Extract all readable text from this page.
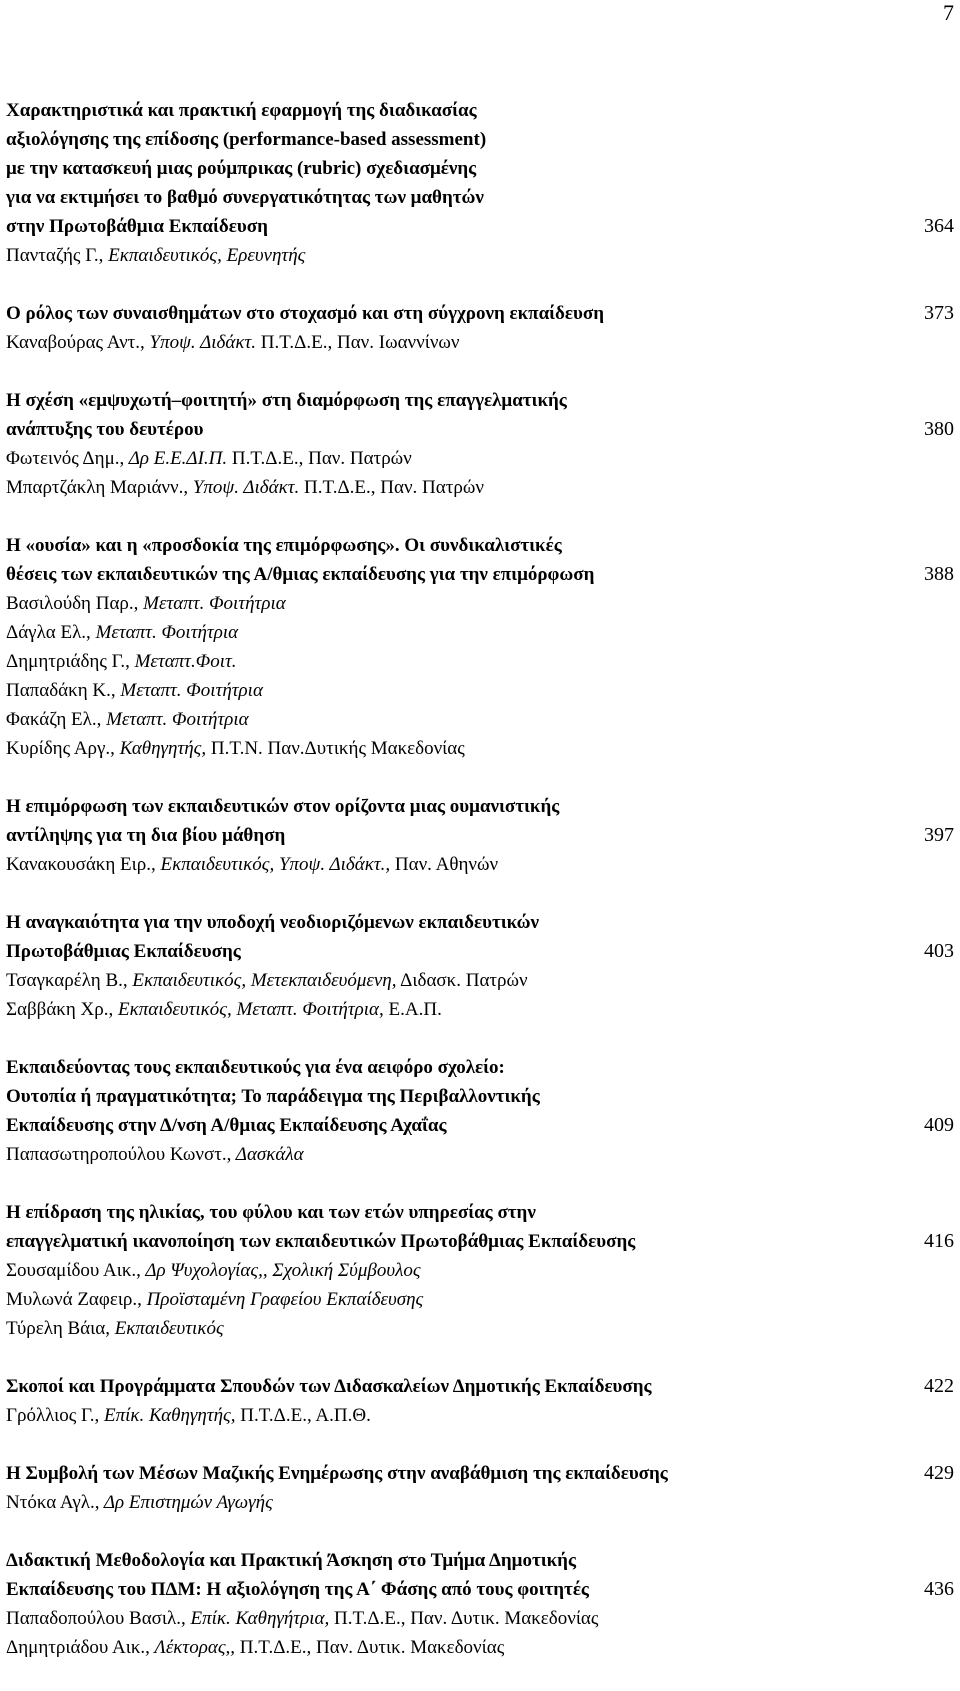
7
Χαρακτηριστικά και πρακτική εφαρμογή της διαδικασίας
αξιολόγησης της επίδοσης (performance-based assessment)
με την κατασκευή μιας ρούμπρικας (rubric) σχεδιασμένης
για να εκτιμήσει το βαθμό συνεργατικότητας των μαθητών
στην Πρωτοβάθμια Εκπαίδευση	364
Πανταζής Γ., Εκπαιδευτικός, Ερευνητής
Ο ρόλος των συναισθημάτων στο στοχασμό και στη σύγχρονη εκπαίδευση	373
Καναβούρας Αντ., Υποψ. Διδάκτ. Π.Τ.Δ.Ε., Παν. Ιωαννίνων
Η σχέση «εμψυχωτή–φοιτητή» στη διαμόρφωση της επαγγελματικής
ανάπτυξης του δευτέρου	380
Φωτεινός Δημ., Δρ Ε.Ε.ΔΙ.Π. Π.Τ.Δ.Ε., Παν. Πατρών
Μπαρτζάκλη Μαριάνν., Υποψ. Διδάκτ. Π.Τ.Δ.Ε., Παν. Πατρών
Η «ουσία» και η «προσδοκία της επιμόρφωσης». Οι συνδικαλιστικές
θέσεις των εκπαιδευτικών της Α/θμιας εκπαίδευσης για την επιμόρφωση	388
Βασιλούδη Παρ., Μεταπτ. Φοιτήτρια
Δάγλα Ελ., Μεταπτ. Φοιτήτρια
Δημητριάδης Γ., Μεταπτ.Φοιτ.
Παπαδάκη Κ., Μεταπτ. Φοιτήτρια
Φακάζη Ελ., Μεταπτ. Φοιτήτρια
Κυρίδης Αργ., Καθηγητής, Π.Τ.Ν. Παν.Δυτικής Μακεδονίας
Η επιμόρφωση των εκπαιδευτικών στον ορίζοντα μιας ουμανιστικής
αντίληψης για τη δια βίου μάθηση	397
Κανακουσάκη Ειρ., Εκπαιδευτικός, Υποψ. Διδάκτ., Παν. Αθηνών
Η αναγκαιότητα για την υποδοχή νεοδιοριζόμενων εκπαιδευτικών
Πρωτοβάθμιας Εκπαίδευσης	403
Τσαγκαρέλη Β., Εκπαιδευτικός, Μετεκπαιδευόμενη, Διδασκ. Πατρών
Σαββάκη Χρ., Εκπαιδευτικός, Μεταπτ. Φοιτήτρια, Ε.Α.Π.
Εκπαιδεύοντας τους εκπαιδευτικούς για ένα αειφόρο σχολείο:
Ουτοπία ή πραγματικότητα; Το παράδειγμα της Περιβαλλοντικής
Εκπαίδευσης στην Δ/νση Α/θμιας Εκπαίδευσης Αχαΐας	409
Παπασωτηροπούλου Κωνστ., Δασκάλα
Η επίδραση της ηλικίας, του φύλου και των ετών υπηρεσίας στην
επαγγελματική ικανοποίηση των εκπαιδευτικών Πρωτοβάθμιας Εκπαίδευσης	416
Σουσαμίδου Αικ., Δρ Ψυχολογίας,, Σχολική Σύμβουλος
Μυλωνά Ζαφειρ., Προϊσταμένη Γραφείου Εκπαίδευσης
Τύρελη Βάια, Εκπαιδευτικός
Σκοποί και Προγράμματα Σπουδών των Διδασκαλείων Δημοτικής Εκπαίδευσης	422
Γρόλλιος Γ., Επίκ. Καθηγητής, Π.Τ.Δ.Ε., Α.Π.Θ.
Η Συμβολή των Μέσων Μαζικής Ενημέρωσης στην αναβάθμιση της εκπαίδευσης	429
Ντόκα Αγλ., Δρ Επιστημών Αγωγής
Διδακτική Μεθοδολογία και Πρακτική Άσκηση στο Τμήμα Δημοτικής
Εκπαίδευσης του ΠΔΜ: Η αξιολόγηση της Α΄ Φάσης από τους φοιτητές	436
Παπαδοπούλου Βασιλ., Επίκ. Καθηγήτρια, Π.Τ.Δ.Ε., Παν. Δυτικ. Μακεδονίας
Δημητριάδου Αικ., Λέκτορας,, Π.Τ.Δ.Ε., Παν. Δυτικ. Μακεδονίας
